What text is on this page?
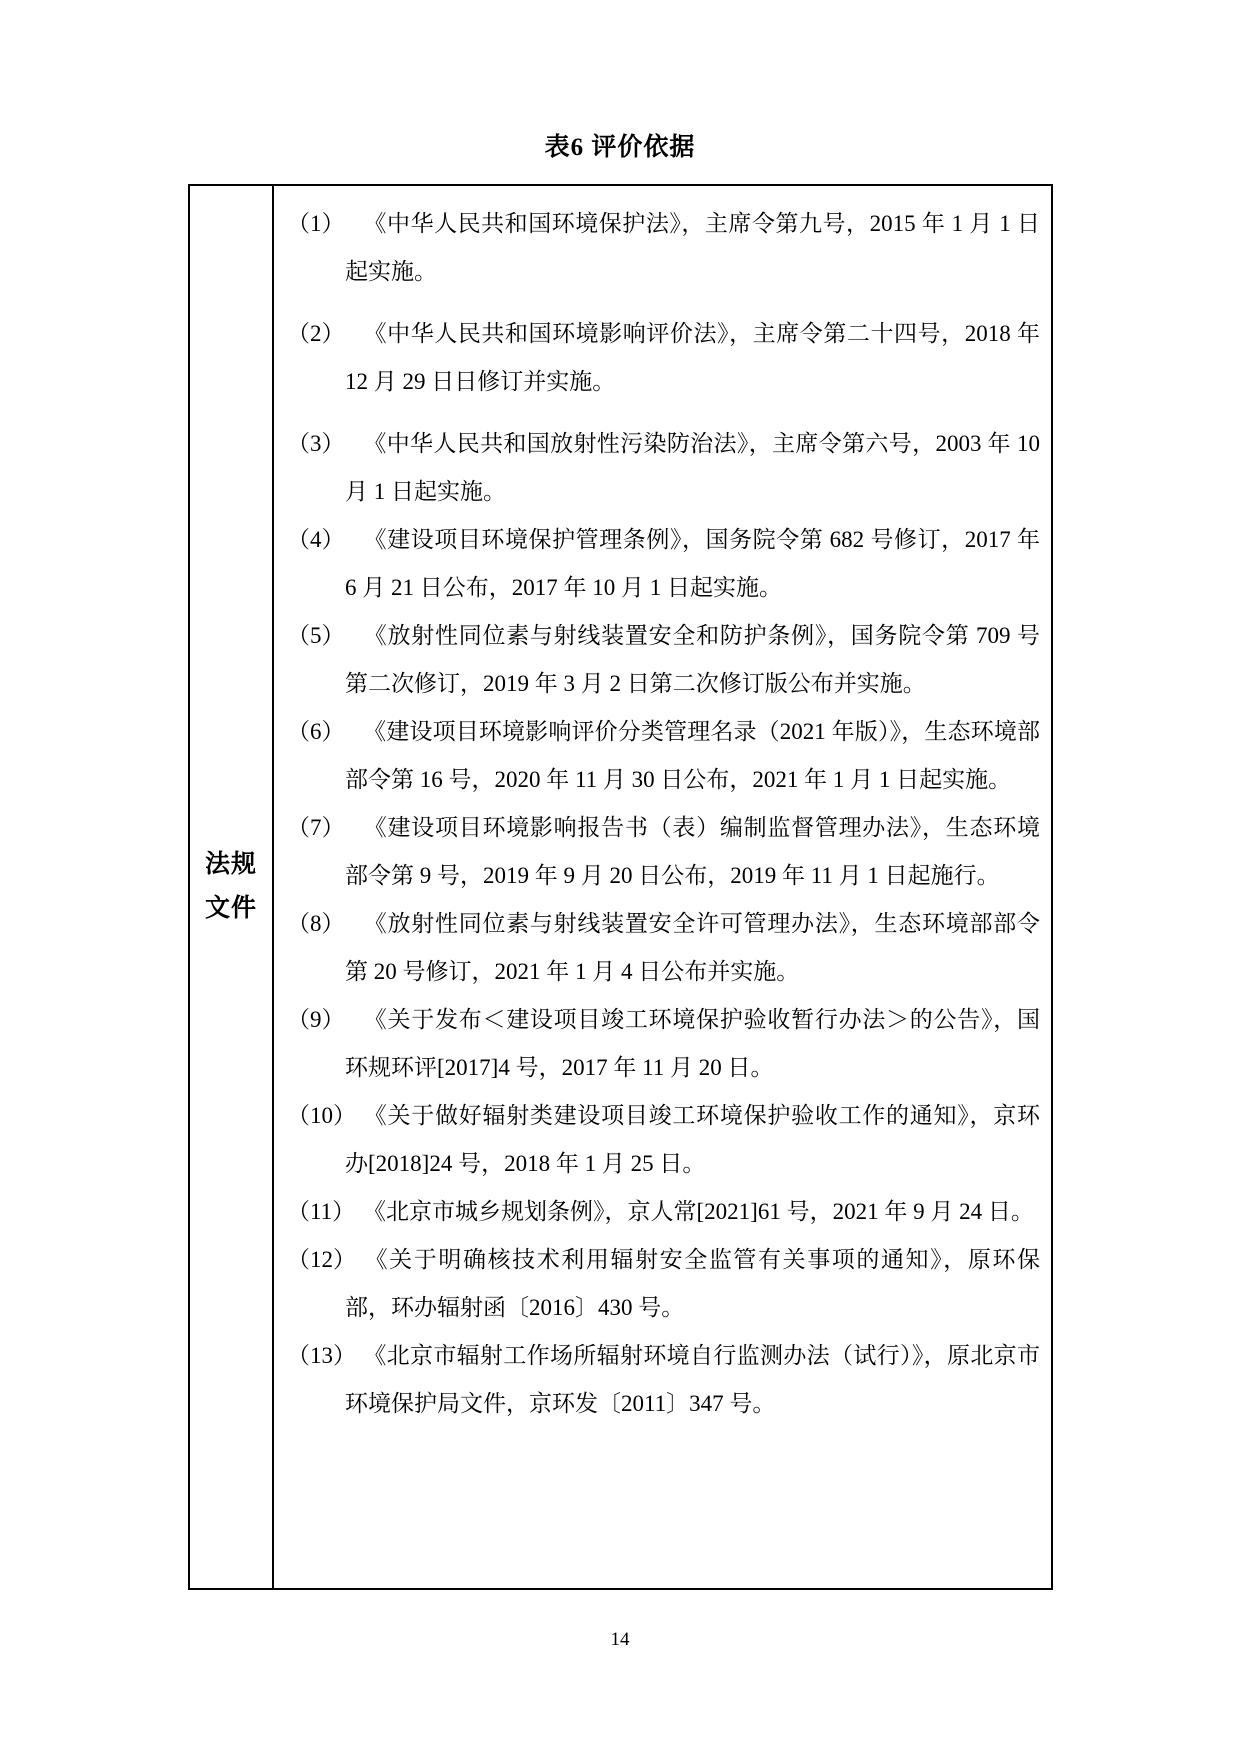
表6 评价依据
法规
文件
（1） 《中华人民共和国环境保护法》，主席令第九号，2015 年 1 月 1 日起实施。
（2） 《中华人民共和国环境影响评价法》，主席令第二十四号，2018 年 12 月 29 日日修订并实施。
（3） 《中华人民共和国放射性污染防治法》，主席令第六号，2003 年 10 月 1 日起实施。
（4） 《建设项目环境保护管理条例》，国务院令第 682 号修订，2017 年 6 月 21 日公布，2017 年 10 月 1 日起实施。
（5） 《放射性同位素与射线装置安全和防护条例》，国务院令第 709 号第二次修订，2019 年 3 月 2 日第二次修订版公布并实施。
（6） 《建设项目环境影响评价分类管理名录（2021 年版）》，生态环境部部令第 16 号，2020 年 11 月 30 日公布，2021 年 1 月 1 日起实施。
（7） 《建设项目环境影响报告书（表）编制监督管理办法》，生态环境部令第 9 号，2019 年 9 月 20 日公布，2019 年 11 月 1 日起施行。
（8） 《放射性同位素与射线装置安全许可管理办法》，生态环境部部令第 20 号修订，2021 年 1 月 4 日公布并实施。
（9） 《关于发布＜建设项目竣工环境保护验收暂行办法＞的公告》，国环规环评[2017]4 号，2017 年 11 月 20 日。
（10） 《关于做好辐射类建设项目竣工环境保护验收工作的通知》，京环办[2018]24 号，2018 年 1 月 25 日。
（11） 《北京市城乡规划条例》，京人常[2021]61 号，2021 年 9 月 24 日。
（12） 《关于明确核技术利用辐射安全监管有关事项的通知》，原环保部，环办辐射函〔2016〕430 号。
（13） 《北京市辐射工作场所辐射环境自行监测办法（试行）》，原北京市环境保护局文件，京环发〔2011〕347 号。
14
